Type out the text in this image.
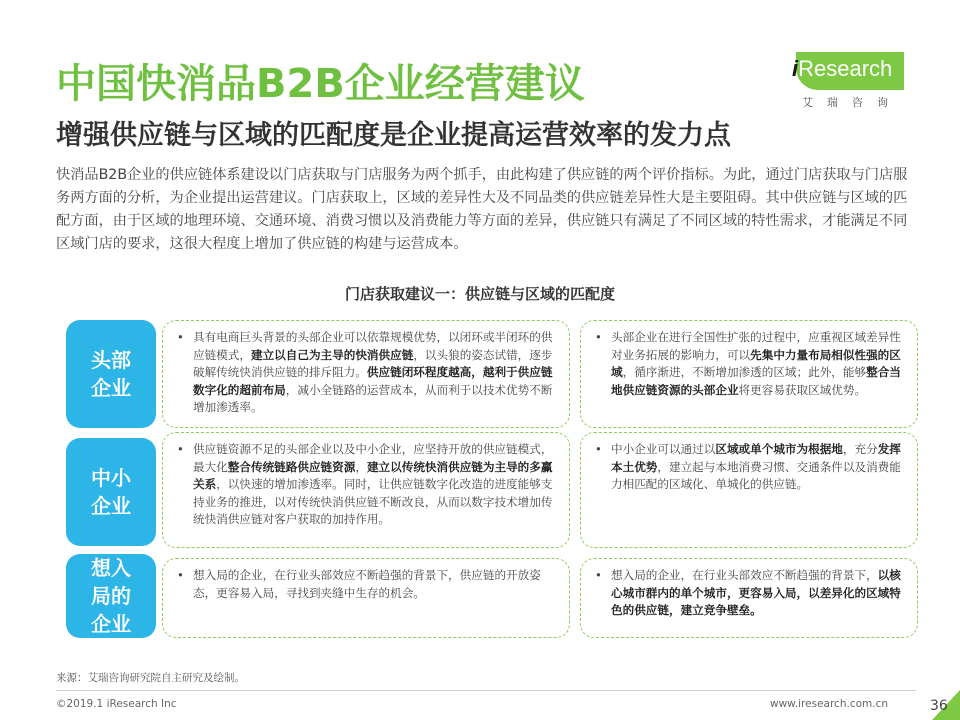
中国快消品B2B企业经营建议
增强供应链与区域的匹配度是企业提高运营效率的发力点
iResearch
艾瑞咨询
快消品B2B企业的供应链体系建设以门店获取与门店服务为两个抓手，由此构建了供应链的两个评价指标。为此，通过门店获取与门店服务两方面的分析，为企业提出运营建议。门店获取上，区域的差异性大及不同品类的供应链差异性大是主要阻碍。其中供应链与区域的匹配方面，由于区域的地理环境、交通环境、消费习惯以及消费能力等方面的差异，供应链只有满足了不同区域的特性需求，才能满足不同区域门店的要求，这很大程度上增加了供应链的构建与运营成本。
门店获取建议一：供应链与区域的匹配度
头部企业
• 具有电商巨头背景的头部企业可以依靠规模优势，以闭环或半闭环的供应链模式，建立以自己为主导的快消供应链，以头狼的姿态试错，逐步破解传统快消供应链的排斥阻力。供应链闭环程度越高，越利于供应链数字化的超前布局，减小全链路的运营成本，从而利于以技术优势不断增加渗透率。
• 头部企业在进行全国性扩张的过程中，应重视区域差异性对业务拓展的影响力，可以先集中力量布局相似性强的区域，循序渐进，不断增加渗透的区域；此外，能够整合当地供应链资源的头部企业将更容易获取区域优势。
中小企业
• 供应链资源不足的头部企业以及中小企业，应坚持开放的供应链模式，最大化整合传统链路供应链资源，建立以传统快消供应链为主导的多赢关系，以快速的增加渗透率。同时，让供应链数字化改造的进度能够支持业务的推进，以对传统快消供应链不断改良，从而以数字技术增加传统快消供应链对客户获取的加持作用。
• 中小企业可以通过以区域或单个城市为根据地，充分发挥本土优势，建立起与本地消费习惯、交通条件以及消费能力相匹配的区域化、单城化的供应链。
想入局的企业
• 想入局的企业，在行业头部效应不断趋强的背景下，供应链的开放姿态，更容易入局，寻找到夹缝中生存的机会。
• 想入局的企业，在行业头部效应不断趋强的背景下，以核心城市群内的单个城市，更容易入局，以差异化的区域特色的供应链，建立竞争壁垒。
来源：艾瑞咨询研究院自主研究及绘制。
©2019.1 iResearch Inc	www.iresearch.com.cn	36
